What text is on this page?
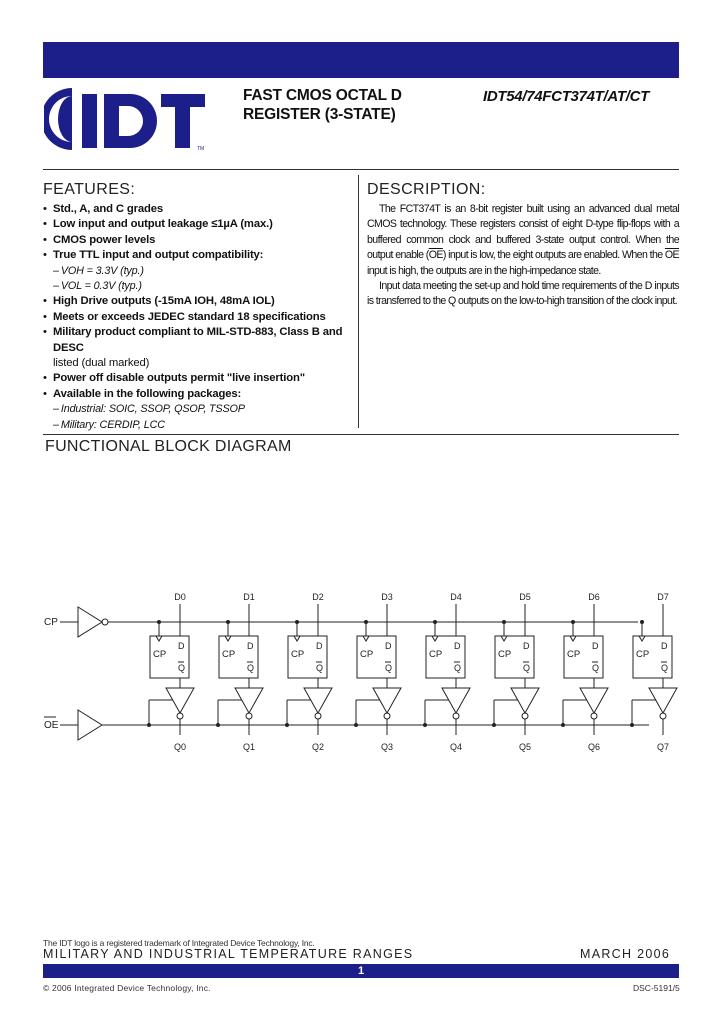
TM
FAST CMOS OCTAL D
REGISTER (3-STATE)
IDT54/74FCT374T/AT/CT
FEATURES:
• Std., A, and C grades
• Low input and output leakage ≤1µA (max.)
• CMOS power levels
• True TTL input and output compatibility:
– VOH = 3.3V (typ.)
– VOL = 0.3V (typ.)
• High Drive outputs (-15mA IOH, 48mA IOL)
• Meets or exceeds JEDEC standard 18 specifications
• Military product compliant to MIL-STD-883, Class B and DESC
listed (dual marked)
• Power off disable outputs permit "live insertion"
• Available in the following packages:
– Industrial: SOIC, SSOP, QSOP, TSSOP
– Military: CERDIP, LCC
DESCRIPTION:

The FCT374T is an 8-bit register built using an advanced dual metal CMOS technology. These registers consist of eight D-type flip-flops with a buffered common clock and buffered 3-state output control. When the output enable $(\overline{OE})$ input is low, the eight outputs are enabled. When the $\overline{OE}$ input is high, the outputs are in the high-impedance state.

Input data meeting the set-up and hold time requirements of the D inputs is transferred to the Q outputs on the low-to-high transition of the clock input.

FUNCTIONAL BLOCK DIAGRAM
CP
OE
D0
CP
D
Q
Q0
D1
CP
D
Q
Q1
D2
CP
D
Q
Q2
D3
CP
D
Q
Q3
D4
CP
D
Q
Q4
D5
CP
D
Q
Q5
D6
CP
D
Q
Q6
D7
CP
D
Q
Q7
The IDT logo is a registered trademark of Integrated Device Technology, Inc.
MILITARY AND INDUSTRIAL TEMPERATURE RANGES	MARCH 2006
1
© 2006 Integrated Device Technology, Inc.	DSC-5191/5
